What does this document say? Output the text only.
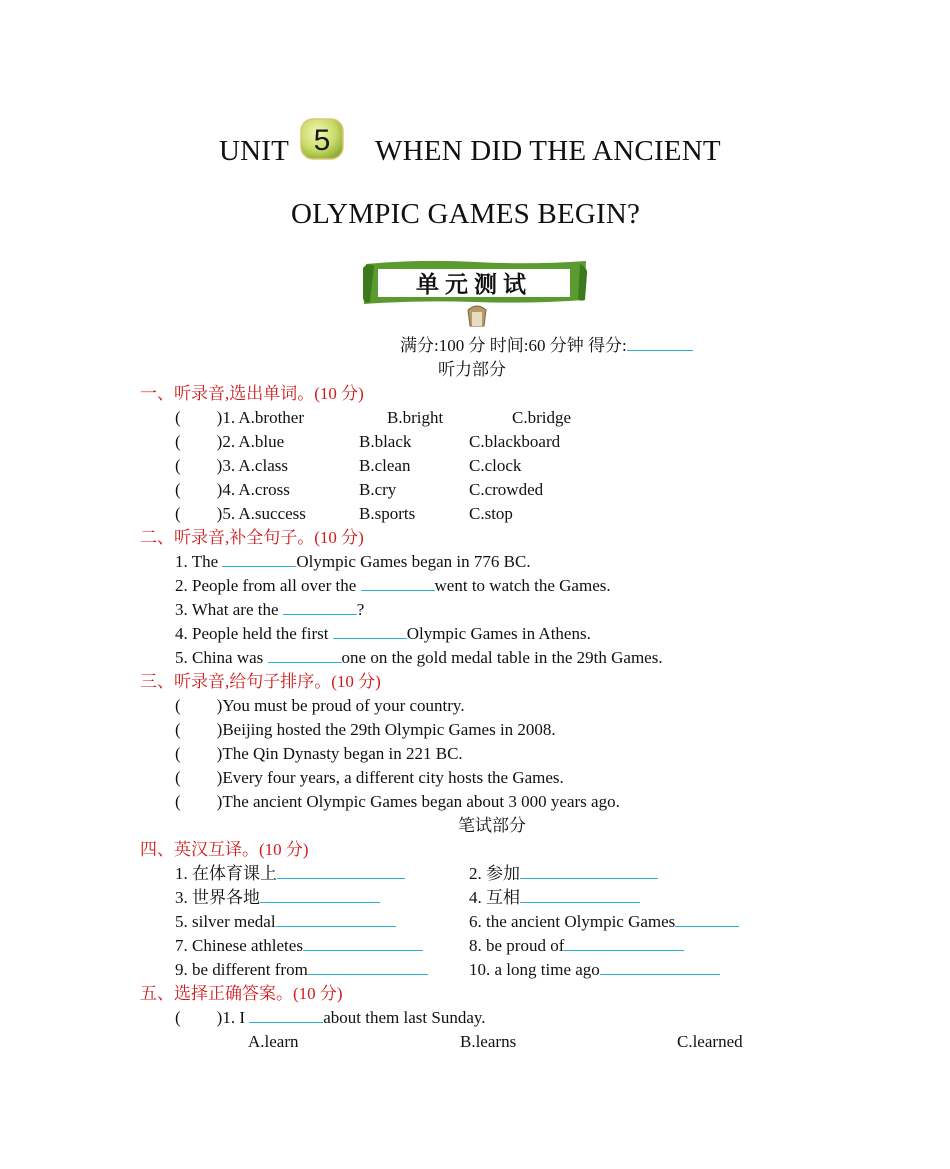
UNIT 5 WHEN DID THE ANCIENT
OLYMPIC GAMES BEGIN?
单元测试
满分:100 分 时间:60 分钟 得分:
听力部分
一、听录音,选出单词。(10 分)
( )1. A.brother	B.bright	C.bridge
( )2. A.blue	B.black	C.blackboard
( )3. A.class	B.clean	C.clock
( )4. A.cross	B.cry	C.crowded
( )5. A.success	B.sports	C.stop
二、听录音,补全句子。(10 分)
1. The	Olympic Games began in 776 BC.
2. People from all over the	went to watch the Games.
3. What are the	?
4. People held the first	Olympic Games in Athens.
5. China was	one on the gold medal table in the 29th Games.
三、听录音,给句子排序。(10 分)
( )You must be proud of your country.
( )Beijing hosted the 29th Olympic Games in 2008.
( )The Qin Dynasty began in 221 BC.
( )Every four years, a different city hosts the Games.
( )The ancient Olympic Games began about 3 000 years ago.
笔试部分
四、英汉互译。(10 分)
1. 在体育课上	2. 参加
3. 世界各地	4. 互相
5. silver medal	6. the ancient Olympic Games
7. Chinese athletes	8. be proud of
9. be different from	10. a long time ago
五、选择正确答案。(10 分)
( )1. I	about them last Sunday.
A.learn	B.learns	C.learned
